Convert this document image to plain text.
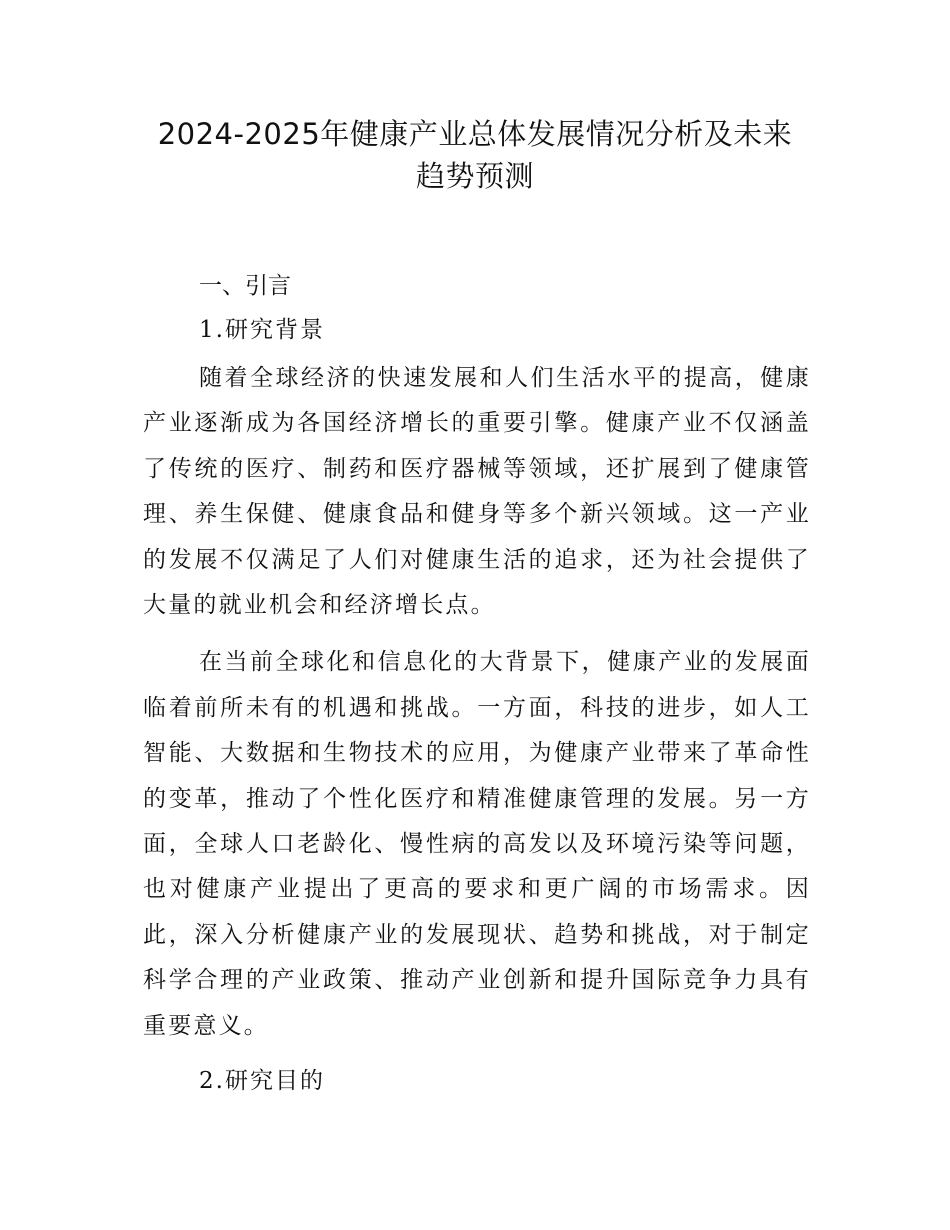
2024-2025年健康产业总体发展情况分析及未来
趋势预测
一、引言
1.研究背景

随着全球经济的快速发展和人们生活水平的提高，健康产业逐渐成为各国经济增长的重要引擎。健康产业不仅涵盖了传统的医疗、制药和医疗器械等领域，还扩展到了健康管理、养生保健、健康食品和健身等多个新兴领域。这一产业的发展不仅满足了人们对健康生活的追求，还为社会提供了大量的就业机会和经济增长点。

在当前全球化和信息化的大背景下，健康产业的发展面临着前所未有的机遇和挑战。一方面，科技的进步，如人工智能、大数据和生物技术的应用，为健康产业带来了革命性的变革，推动了个性化医疗和精准健康管理的发展。另一方面，全球人口老龄化、慢性病的高发以及环境污染等问题，也对健康产业提出了更高的要求和更广阔的市场需求。因此，深入分析健康产业的发展现状、趋势和挑战，对于制定科学合理的产业政策、推动产业创新和提升国际竞争力具有重要意义。

2.研究目的
